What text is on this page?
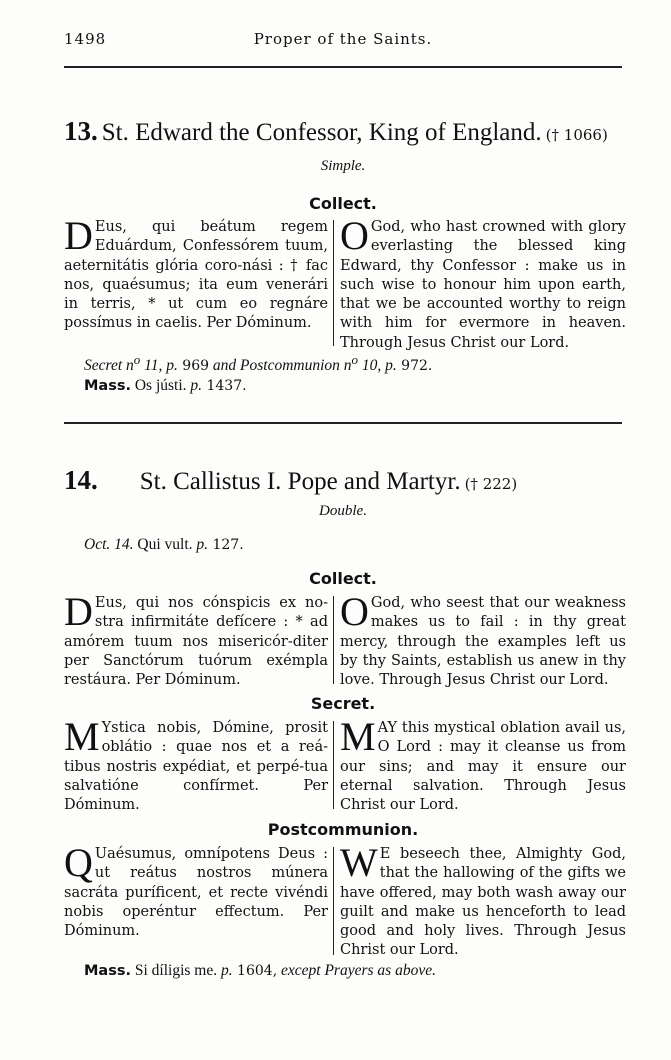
1498	Proper of the Saints.
13. St. Edward the Confessor, King of England. († 1066)
Simple.
Collect.
D Eus, qui beátum regem Eduárdum, Confessórem tuum, aeternitátis glória coro-nási : † fac nos, quaésumus; ita eum venerári in terris, * ut cum eo regnáre possímus in caelis. Per Dóminum.
O God, who hast crowned with glory everlasting the blessed king Edward, thy Confessor : make us in such wise to honour him upon earth, that we be accounted worthy to reign with him for evermore in heaven. Through Jesus Christ our Lord.
Secret $n^o$ 11, p. 969 and Postcommunion $n^o$ 10, p. 972.
Mass. Os jústi. p. 1437.
14. St. Callistus I. Pope and Martyr. († 222)
Double.
Oct. 14. Qui vult. p. 127.
Collect.
D Eus, qui nos cónspicis ex no-stra infirmitáte defícere : * ad amórem tuum nos misericór-diter per Sanctórum tuórum exémpla restáura. Per Dóminum.
O God, who seest that our weakness makes us to fail : in thy great mercy, through the examples left us by thy Saints, establish us anew in thy love. Through Jesus Christ our Lord.
Secret.
M Ystica nobis, Dómine, prosit oblátio : quae nos et a reá-tibus nostris expédiat, et perpé-tua salvatióne confírmet. Per Dóminum.
MAY this mystical oblation avail us, O Lord : may it cleanse us from our sins; and may it ensure our eternal salvation. Through Jesus Christ our Lord.
Postcommunion.
Q Uaésumus, omnípotens Deus : ut reátus nostros múnera sacráta puríficent, et recte vivéndi nobis operéntur effectum. Per Dóminum.
W E beseech thee, Almighty God, that the hallowing of the gifts we have offered, may both wash away our guilt and make us henceforth to lead good and holy lives. Through Jesus Christ our Lord.
Mass. Si díligis me. p. 1604, except Prayers as above.
